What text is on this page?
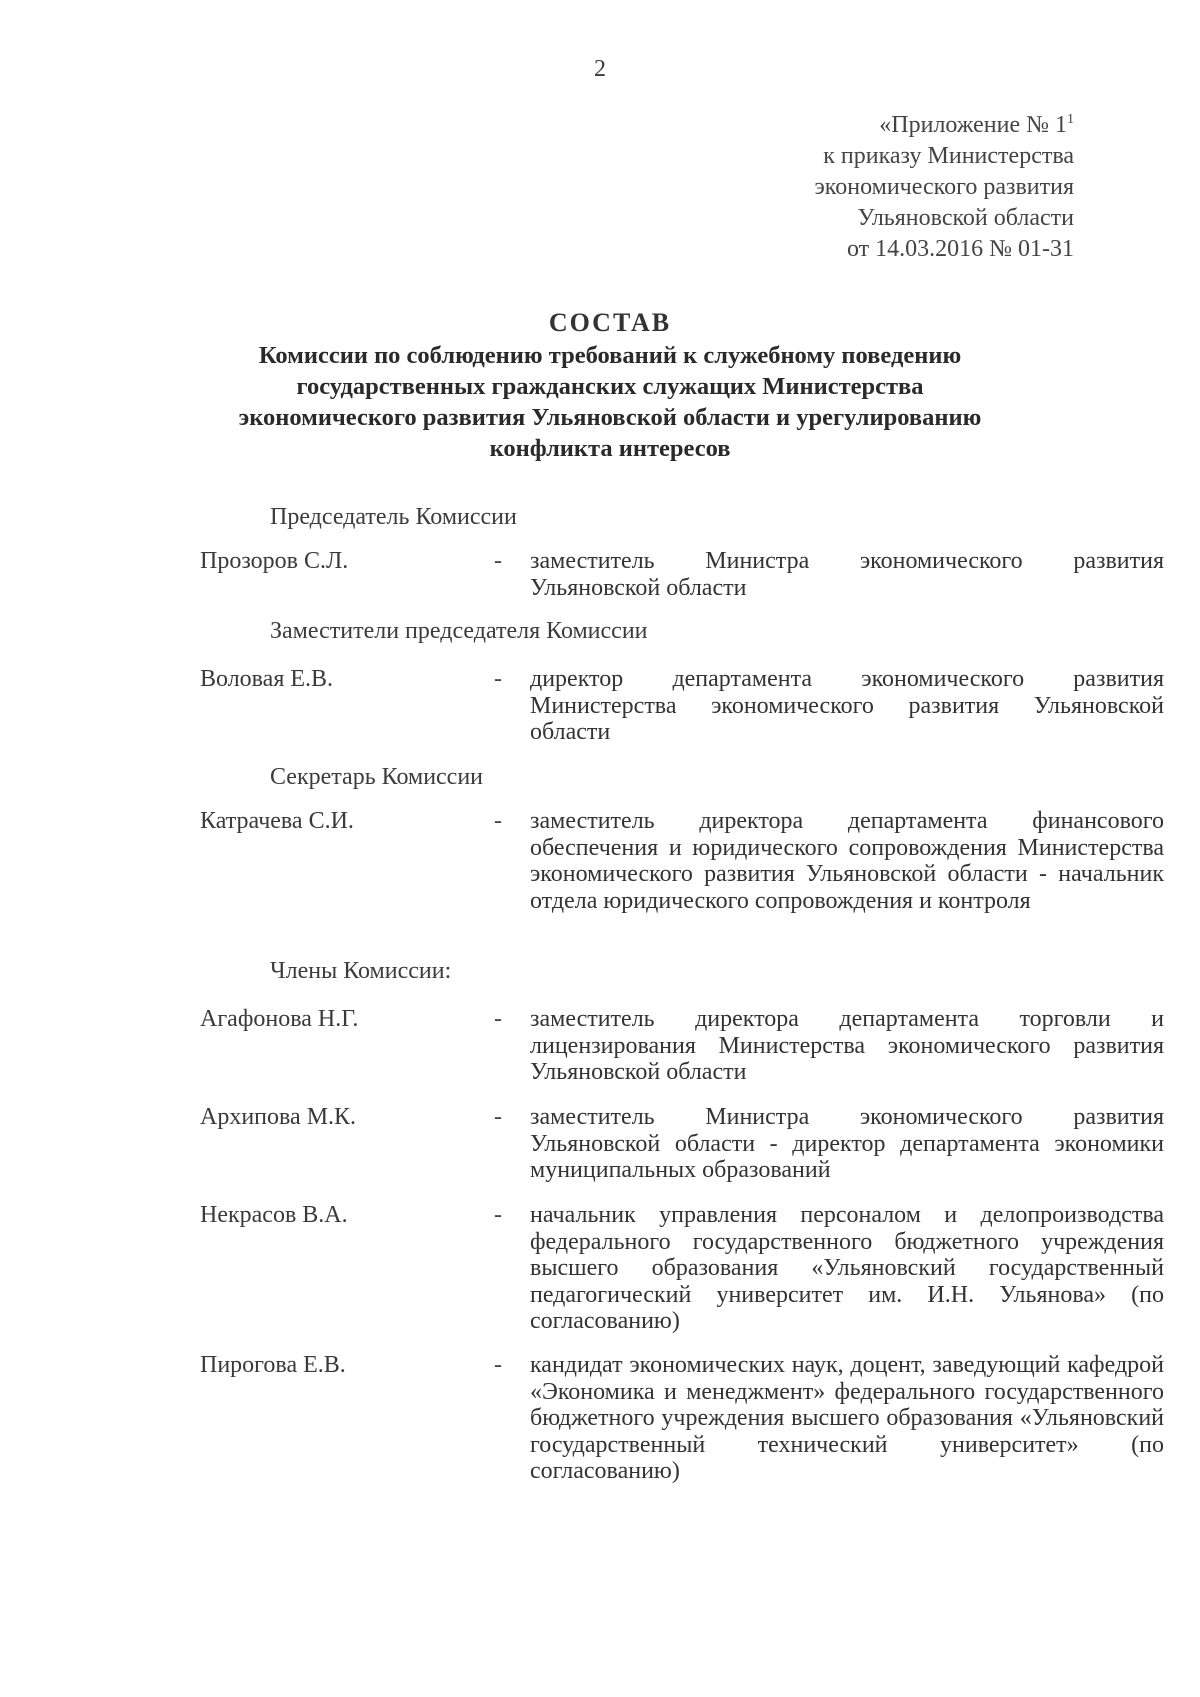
2
«Приложение № $1^1$
к приказу Министерства
экономического развития
Ульяновской области
от 14.03.2016 № 01-31
СОСТАВ
Комиссии по соблюдению требований к служебному поведению
государственных гражданских служащих Министерства
экономического развития Ульяновской области и урегулированию
конфликта интересов
Председатель Комиссии
Прозоров С.Л.	- заместитель Министра экономического развития Ульяновской области
Заместители председателя Комиссии
Воловая Е.В.	- директор департамента экономического развития Министерства экономического развития Ульяновской области
Секретарь Комиссии
Катрачева С.И.	- заместитель директора департамента финансового обеспечения и юридического сопровождения Министерства экономического развития Ульяновской области - начальник отдела юридического сопровождения и контроля
Члены Комиссии:
Агафонова Н.Г.	- заместитель директора департамента торговли и лицензирования Министерства экономического развития Ульяновской области
Архипова М.К.	- заместитель Министра экономического развития Ульяновской области - директор департамента экономики муниципальных образований
Некрасов В.А.	- начальник управления персоналом и делопроизводства федерального государственного бюджетного учреждения высшего образования «Ульяновский государственный педагогический университет им. И.Н. Ульянова» (по согласованию)
Пирогова Е.В.	- кандидат экономических наук, доцент, заведующий кафедрой «Экономика и менеджмент» федерального государственного бюджетного учреждения высшего образования «Ульяновский государственный технический университет» (по согласованию)
